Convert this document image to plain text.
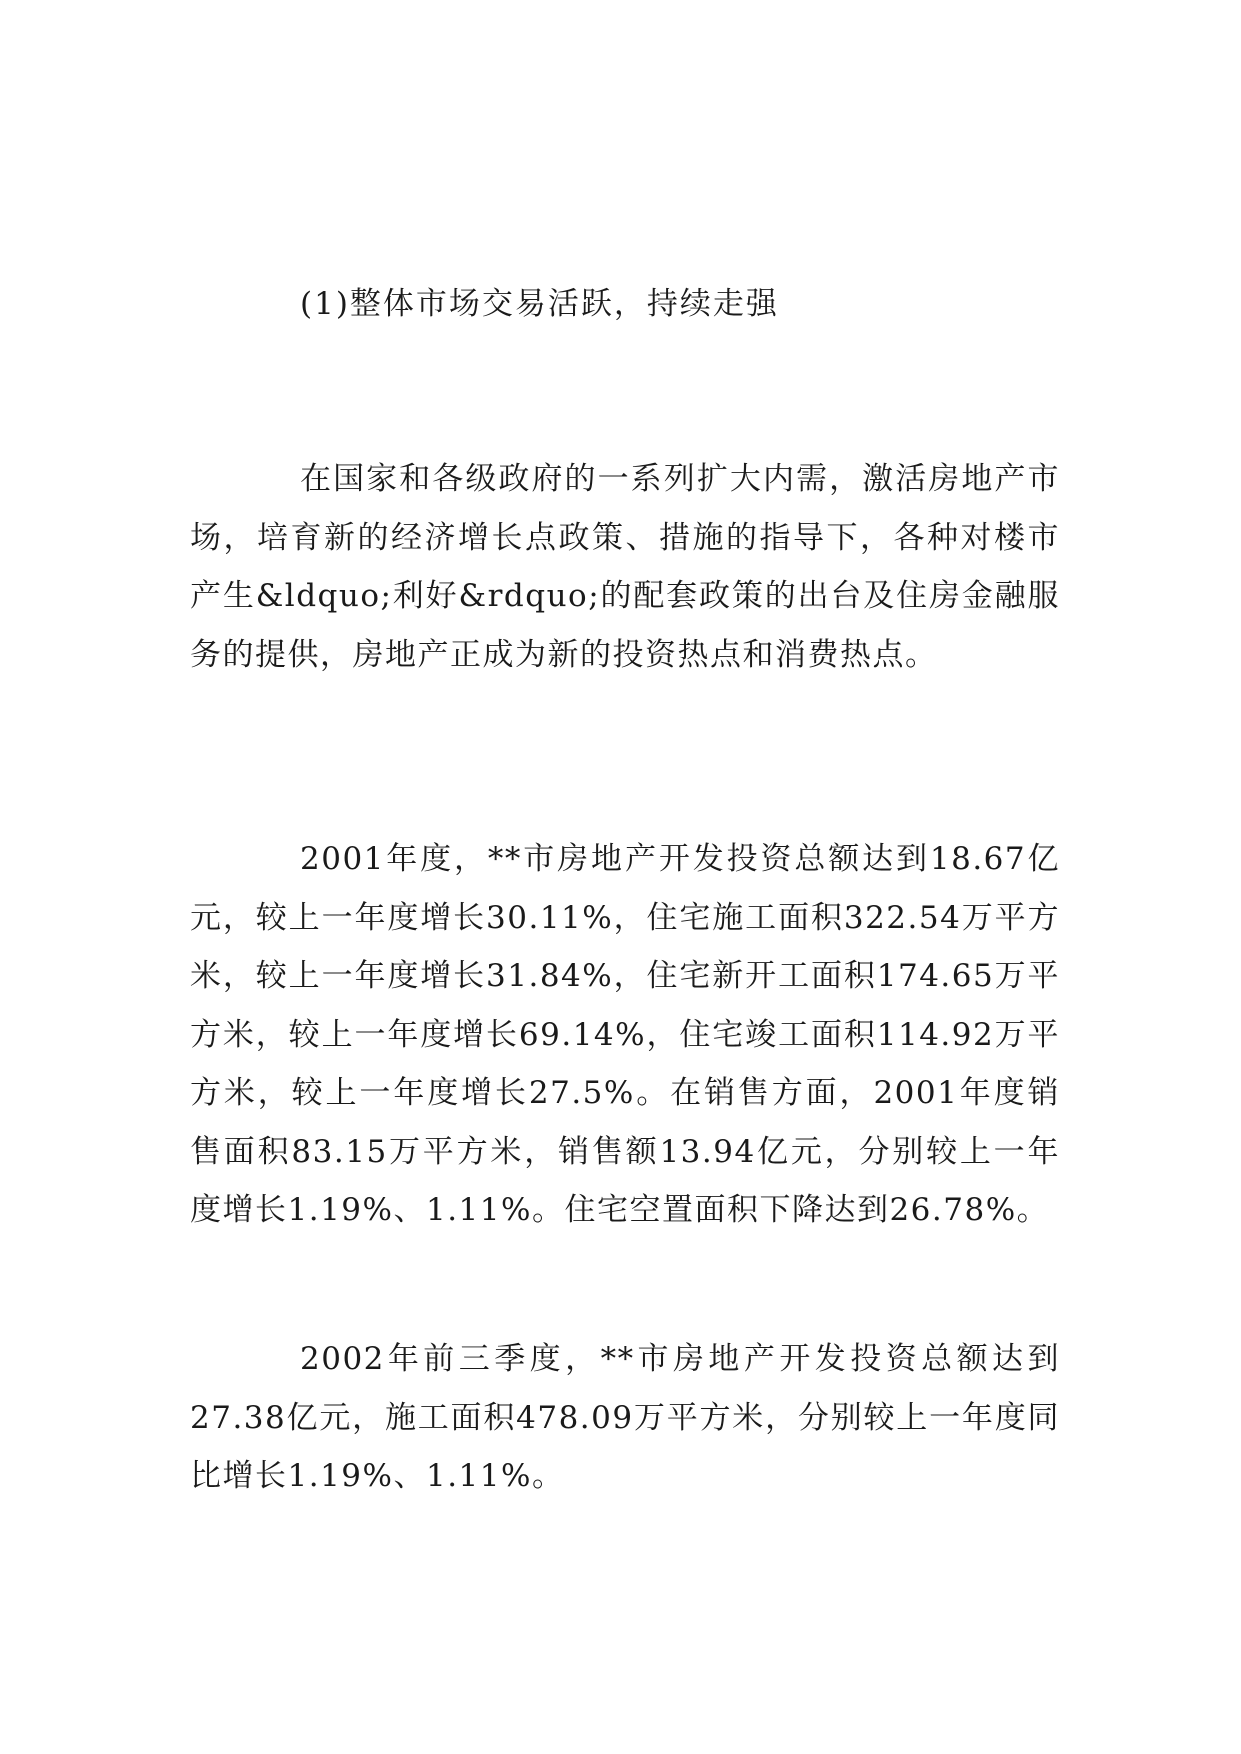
(1)整体市场交易活跃，持续走强

在国家和各级政府的一系列扩大内需，激活房地产市场，培育新的经济增长点政策、措施的指导下，各种对楼市产生&ldquo;利好&rdquo;的配套政策的出台及住房金融服务的提供，房地产正成为新的投资热点和消费热点。

2001年度，**市房地产开发投资总额达到18.67亿元，较上一年度增长30.11%，住宅施工面积322.54万平方米，较上一年度增长31.84%，住宅新开工面积174.65万平方米，较上一年度增长69.14%，住宅竣工面积114.92万平方米，较上一年度增长27.5%。在销售方面，2001年度销售面积83.15万平方米，销售额13.94亿元，分别较上一年度增长1.19%、1.11%。住宅空置面积下降达到26.78%。

2002年前三季度，**市房地产开发投资总额达到27.38亿元，施工面积478.09万平方米，分别较上一年度同比增长1.19%、1.11%。
